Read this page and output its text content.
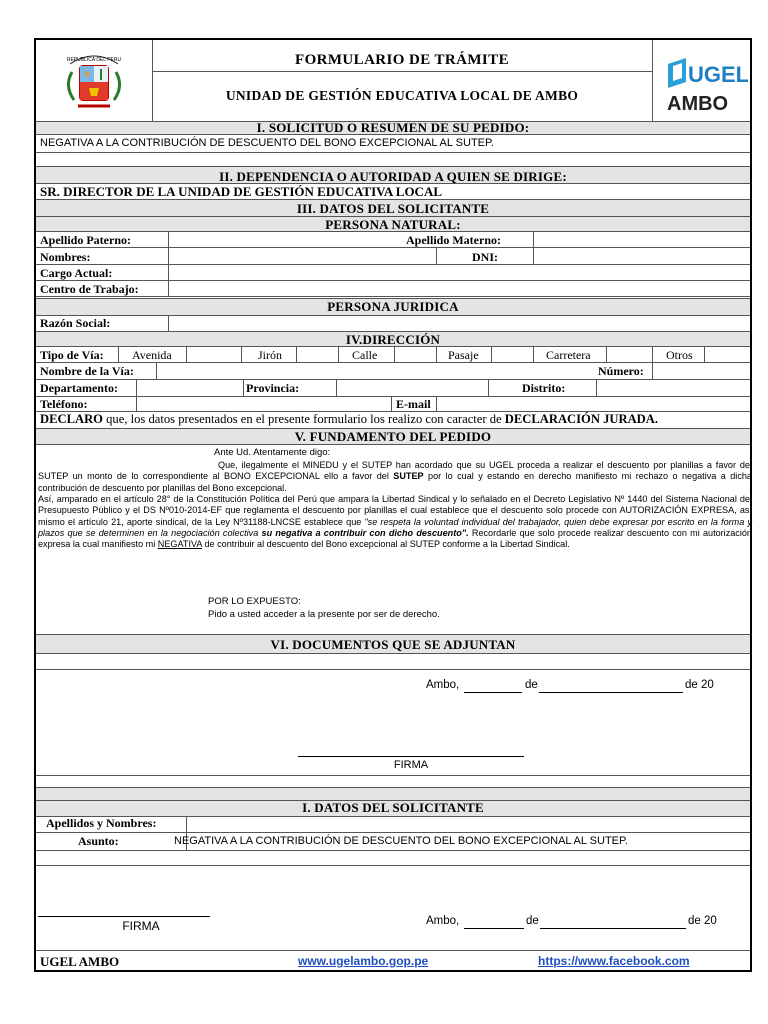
REPUBLICA DEL PERU	FORMULARIO DE TRÁMITE
UNIDAD DE GESTIÓN EDUCATIVA LOCAL DE AMBO
UGEL
AMBO
I. SOLICITUD O RESUMEN DE SU PEDIDO:
NEGATIVA A LA CONTRIBUCIÓN DE DESCUENTO DEL BONO EXCEPCIONAL AL SUTEP.
II. DEPENDENCIA O AUTORIDAD A QUIEN SE DIRIGE:
SR. DIRECTOR DE LA UNIDAD DE GESTIÓN EDUCATIVA LOCAL
III. DATOS DEL SOLICITANTE
PERSONA NATURAL:
Apellido Paterno:	Apellido Materno:
Nombres:	DNI:
Cargo Actual:
Centro de Trabajo:
PERSONA JURIDICA
Razón Social:
IV.DIRECCIÓN
Tipo de Vía: Avenida	Jirón	Calle	Pasaje	Carretera	Otros
Nombre de la Vía:	Número:
Departamento:	Provincia:	Distrito:
Teléfono:	E-mail
DECLARO que, los datos presentados en el presente formulario los realizo con caracter de DECLARACIÓN JURADA.
V. FUNDAMENTO DEL PEDIDO
Ante Ud. Atentamente digo:
Que, ilegalmente el MINEDU y el SUTEP han acordado que su UGEL proceda a realizar el descuento por planillas a favor del SUTEP un monto de lo correspondiente al BONO EXCEPCIONAL ello a favor del SUTEP por lo cual y estando en derecho manifiesto mi rechazo o negativa a dicha contribución de descuento por planillas del Bono excepcional.
Así, amparado en el artículo 28° de la Constitución Política del Perú que ampara la Libertad Sindical y lo señalado en el Decreto Legislativo Nº 1440 del Sistema Nacional del Presupuesto Público y el DS Nº010-2014-EF que reglamenta el descuento por planillas el cual establece que el descuento solo procede con AUTORIZACIÓN EXPRESA, así mismo el artículo 21, aporte sindical, de la Ley Nº31188-LNCSE establece que "se respeta la voluntad individual del trabajador, quien debe expresar por escrito en la forma y plazos que se determinen en la negociación colectiva su negativa a contribuir con dicho descuento". Recordarle que solo procede realizar descuento con mi autorización expresa la cual manifiesto mi NEGATIVA de contribuir al descuento del Bono excepcional al SUTEP conforme a la Libertad Sindical.
POR LO EXPUESTO:
Pido a usted acceder a la presente por ser de derecho.
VI. DOCUMENTOS QUE SE ADJUNTAN
Ambo,	de	de 20
FIRMA
I. DATOS DEL SOLICITANTE
Apellidos y Nombres:
Asunto:	NEGATIVA A LA CONTRIBUCIÓN DE DESCUENTO DEL BONO EXCEPCIONAL AL SUTEP.
FIRMA	Ambo,	de	de 20
UGEL AMBO	www.ugelambo.gop.pe	https://www.facebook.com
